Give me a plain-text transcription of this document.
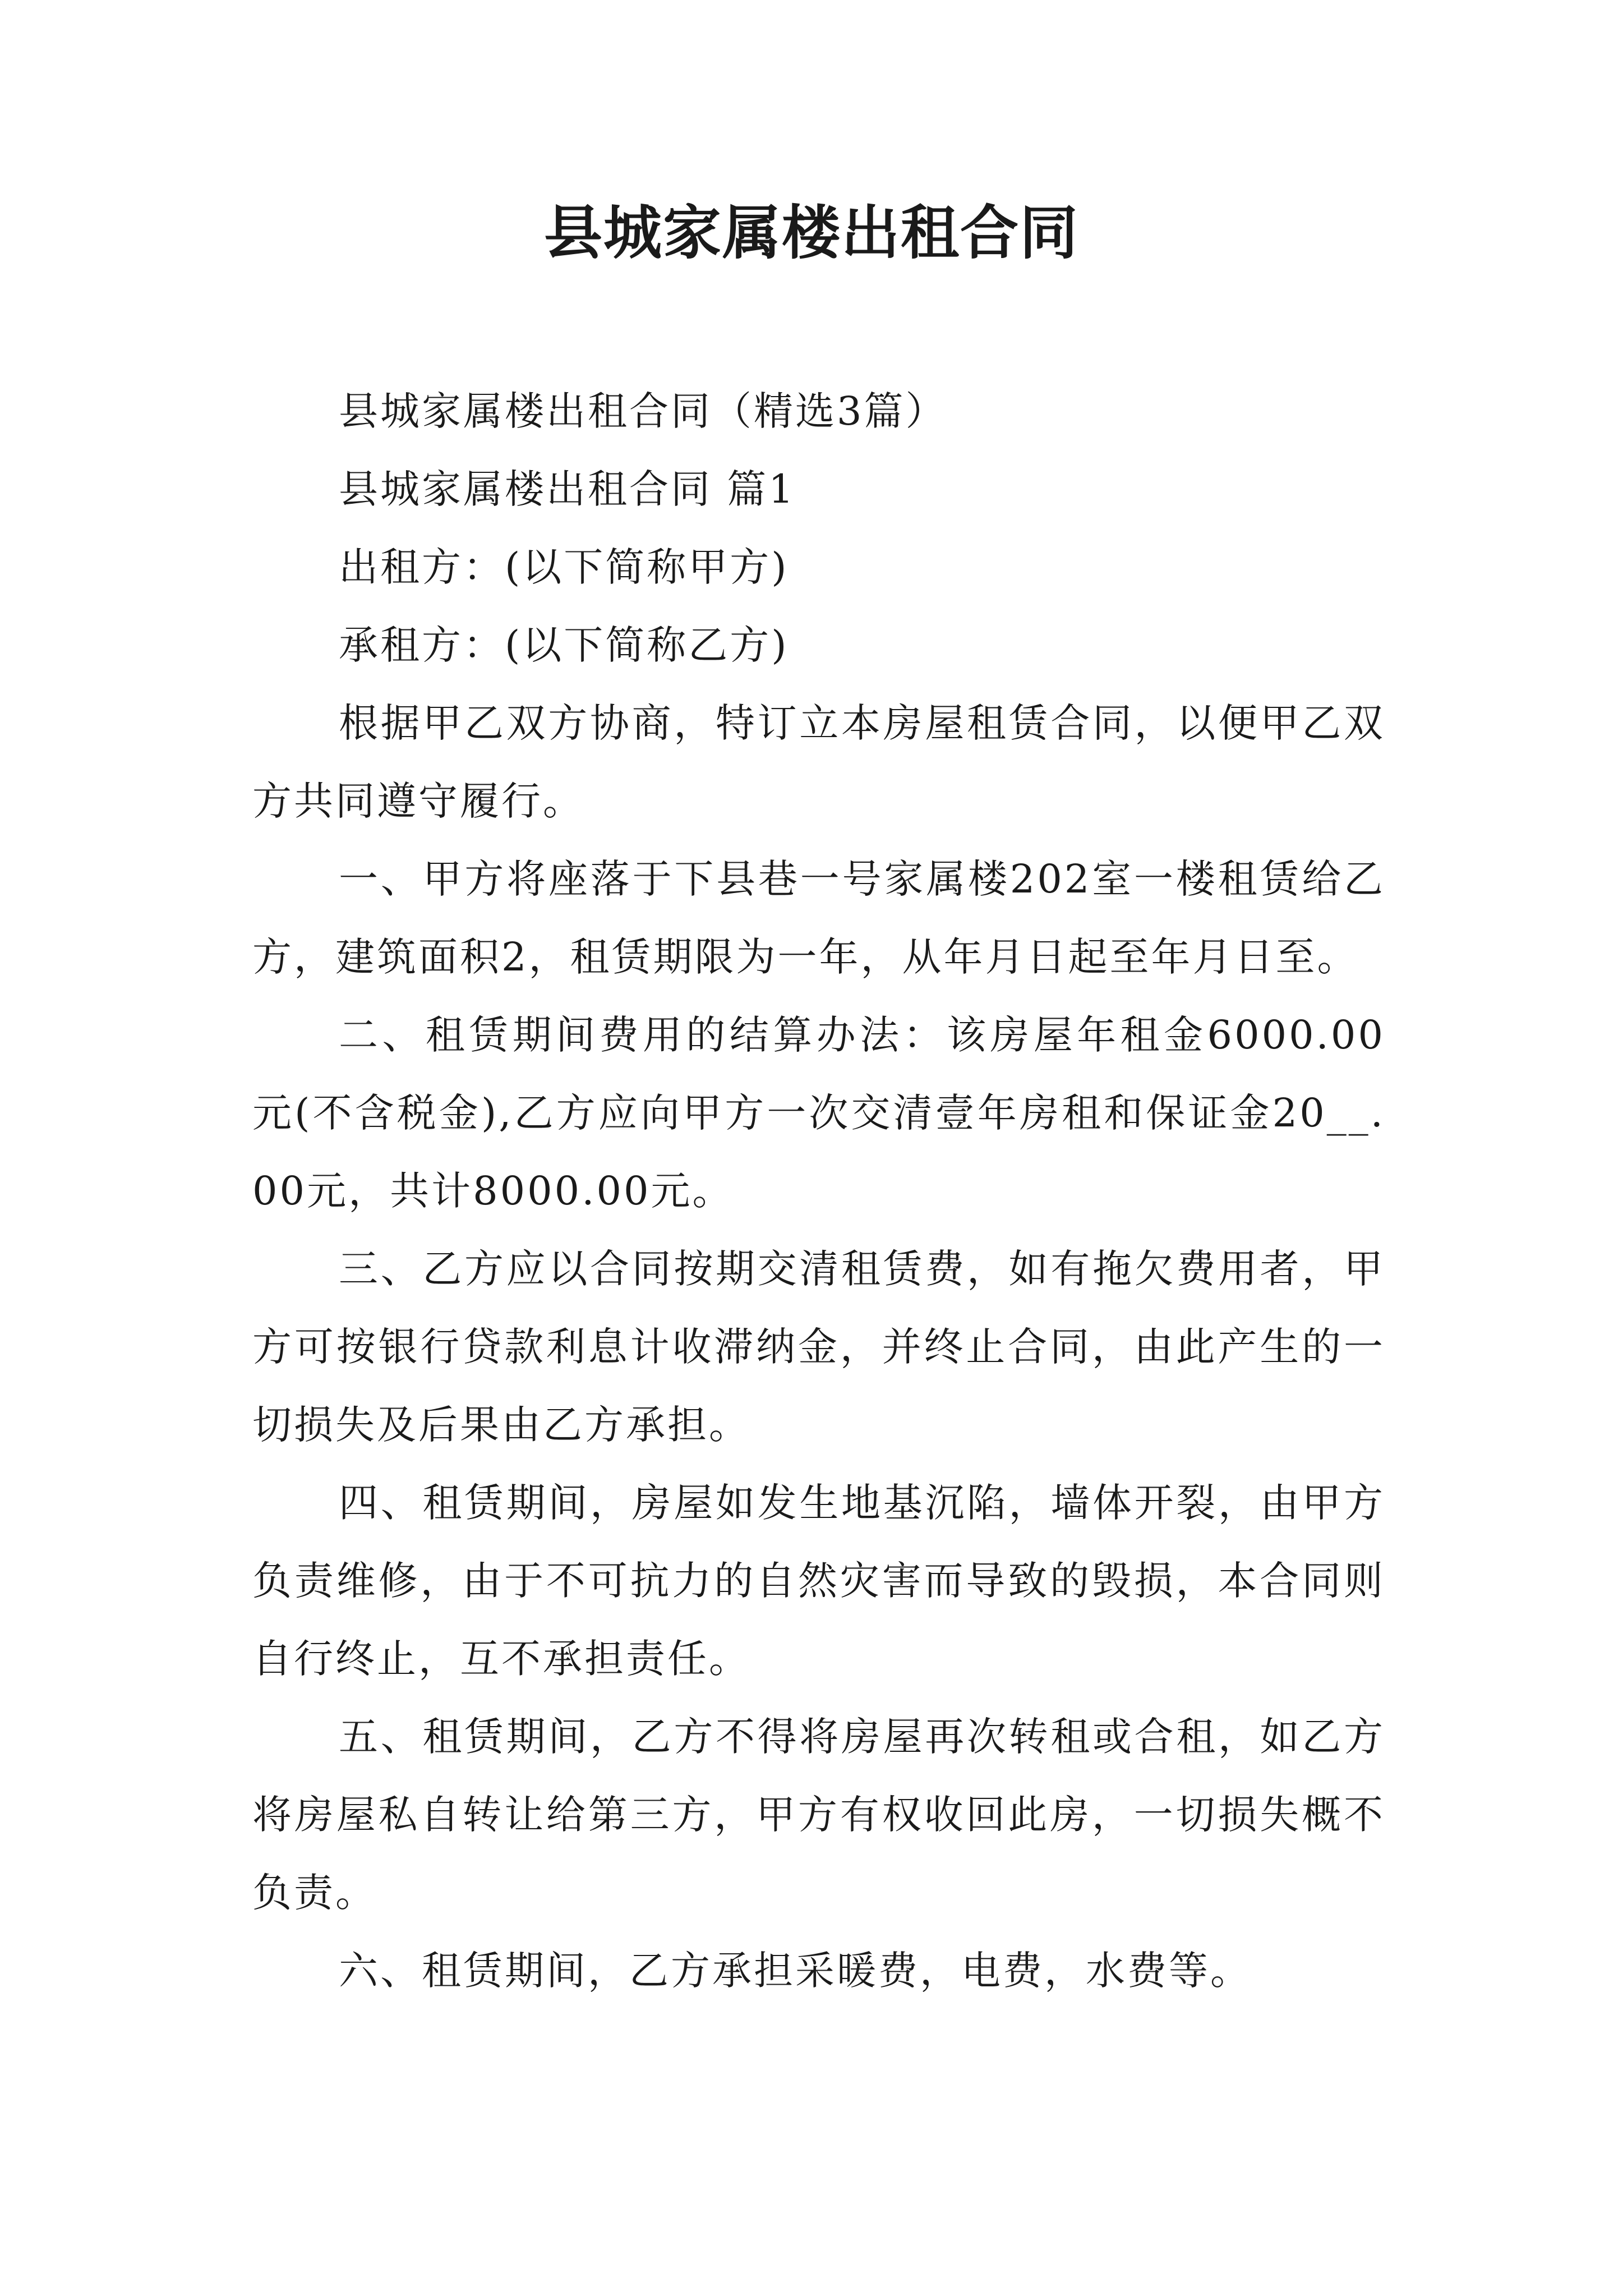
县城家属楼出租合同

县城家属楼出租合同（精选3篇）

县城家属楼出租合同 篇1

出租方：(以下简称甲方)

承租方：(以下简称乙方)

根据甲乙双方协商，特订立本房屋租赁合同，以便甲乙双方共同遵守履行。

一、甲方将座落于下县巷一号家属楼202室一楼租赁给乙方，建筑面积2，租赁期限为一年，从年月日起至年月日至。

二、租赁期间费用的结算办法：该房屋年租金6000.00元(不含税金),乙方应向甲方一次交清壹年房租和保证金20__.00元，共计8000.00元。

三、乙方应以合同按期交清租赁费，如有拖欠费用者，甲方可按银行贷款利息计收滞纳金，并终止合同，由此产生的一切损失及后果由乙方承担。

四、租赁期间，房屋如发生地基沉陷，墙体开裂，由甲方负责维修，由于不可抗力的自然灾害而导致的毁损，本合同则自行终止，互不承担责任。

五、租赁期间，乙方不得将房屋再次转租或合租，如乙方将房屋私自转让给第三方，甲方有权收回此房，一切损失概不负责。

六、租赁期间，乙方承担采暖费，电费，水费等。
